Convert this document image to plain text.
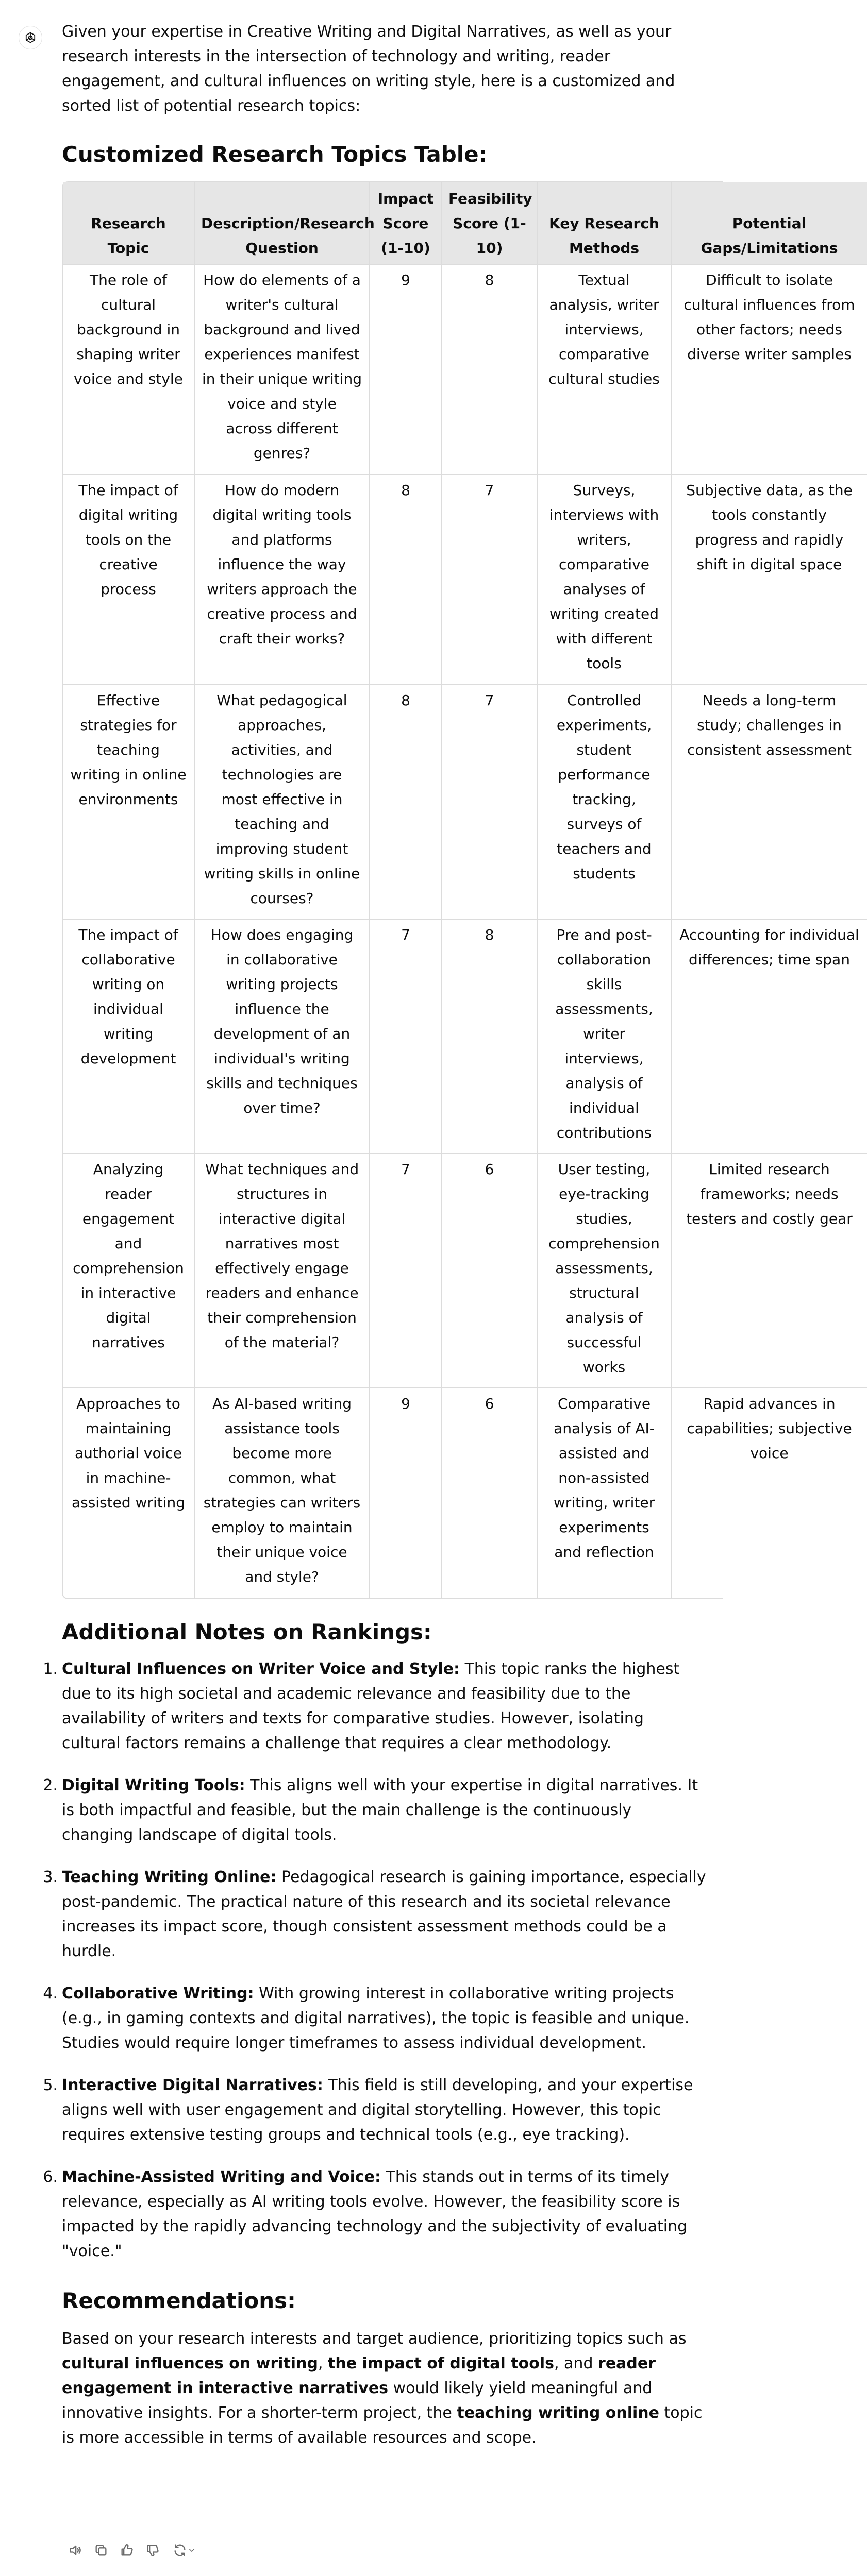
Given your expertise in Creative Writing and Digital Narratives, as well as your research interests in the intersection of technology and writing, reader engagement, and cultural influences on writing style, here is a customized and sorted list of potential research topics:

Customized Research Topics Table:
Research Topic	Description/Research Question	Impact Score (1-10)	Feasibility Score (1-10)	Key Research Methods	Potential Gaps/Limitations
The role of cultural background in shaping writer voice and style	How do elements of a writer's cultural background and lived experiences manifest in their unique writing voice and style across different genres?	9	8	Textual analysis, writer interviews, comparative cultural studies	Difficult to isolate cultural influences from other factors; needs diverse writer samples
The impact of digital writing tools on the creative process	How do modern digital writing tools and platforms influence the way writers approach the creative process and craft their works?	8	7	Surveys, interviews with writers, comparative analyses of writing created with different tools	Subjective data, as the tools constantly progress and rapidly shift in digital space
Effective strategies for teaching writing in online environments	What pedagogical approaches, activities, and technologies are most effective in teaching and improving student writing skills in online courses?	8	7	Controlled experiments, student performance tracking, surveys of teachers and students	Needs a long-term study; challenges in consistent assessment
The impact of collaborative writing on individual writing development	How does engaging in collaborative writing projects influence the development of an individual's writing skills and techniques over time?	7	8	Pre and post-collaboration skills assessments, writer interviews, analysis of individual contributions	Accounting for individual differences; time span
Analyzing reader engagement and comprehension in interactive digital narratives	What techniques and structures in interactive digital narratives most effectively engage readers and enhance their comprehension of the material?	7	6	User testing, eye-tracking studies, comprehension assessments, structural analysis of successful works	Limited research frameworks; needs testers and costly gear
Approaches to maintaining authorial voice in machine-assisted writing	As AI-based writing assistance tools become more common, what strategies can writers employ to maintain their unique voice and style?	9	6	Comparative analysis of AI-assisted and non-assisted writing, writer experiments and reflection	Rapid advances in capabilities; subjective voice
Additional Notes on Rankings:
1. Cultural Influences on Writer Voice and Style: This topic ranks the highest due to its high societal and academic relevance and feasibility due to the availability of writers and texts for comparative studies. However, isolating cultural factors remains a challenge that requires a clear methodology.
2. Digital Writing Tools: This aligns well with your expertise in digital narratives. It is both impactful and feasible, but the main challenge is the continuously changing landscape of digital tools.
3. Teaching Writing Online: Pedagogical research is gaining importance, especially post-pandemic. The practical nature of this research and its societal relevance increases its impact score, though consistent assessment methods could be a hurdle.
4. Collaborative Writing: With growing interest in collaborative writing projects (e.g., in gaming contexts and digital narratives), the topic is feasible and unique. Studies would require longer timeframes to assess individual development.
5. Interactive Digital Narratives: This field is still developing, and your expertise aligns well with user engagement and digital storytelling. However, this topic requires extensive testing groups and technical tools (e.g., eye tracking).
6. Machine-Assisted Writing and Voice: This stands out in terms of its timely relevance, especially as AI writing tools evolve. However, the feasibility score is impacted by the rapidly advancing technology and the subjectivity of evaluating "voice."
Recommendations:

Based on your research interests and target audience, prioritizing topics such as cultural influences on writing, the impact of digital tools, and reader engagement in interactive narratives would likely yield meaningful and innovative insights. For a shorter-term project, the teaching writing online topic is more accessible in terms of available resources and scope.
